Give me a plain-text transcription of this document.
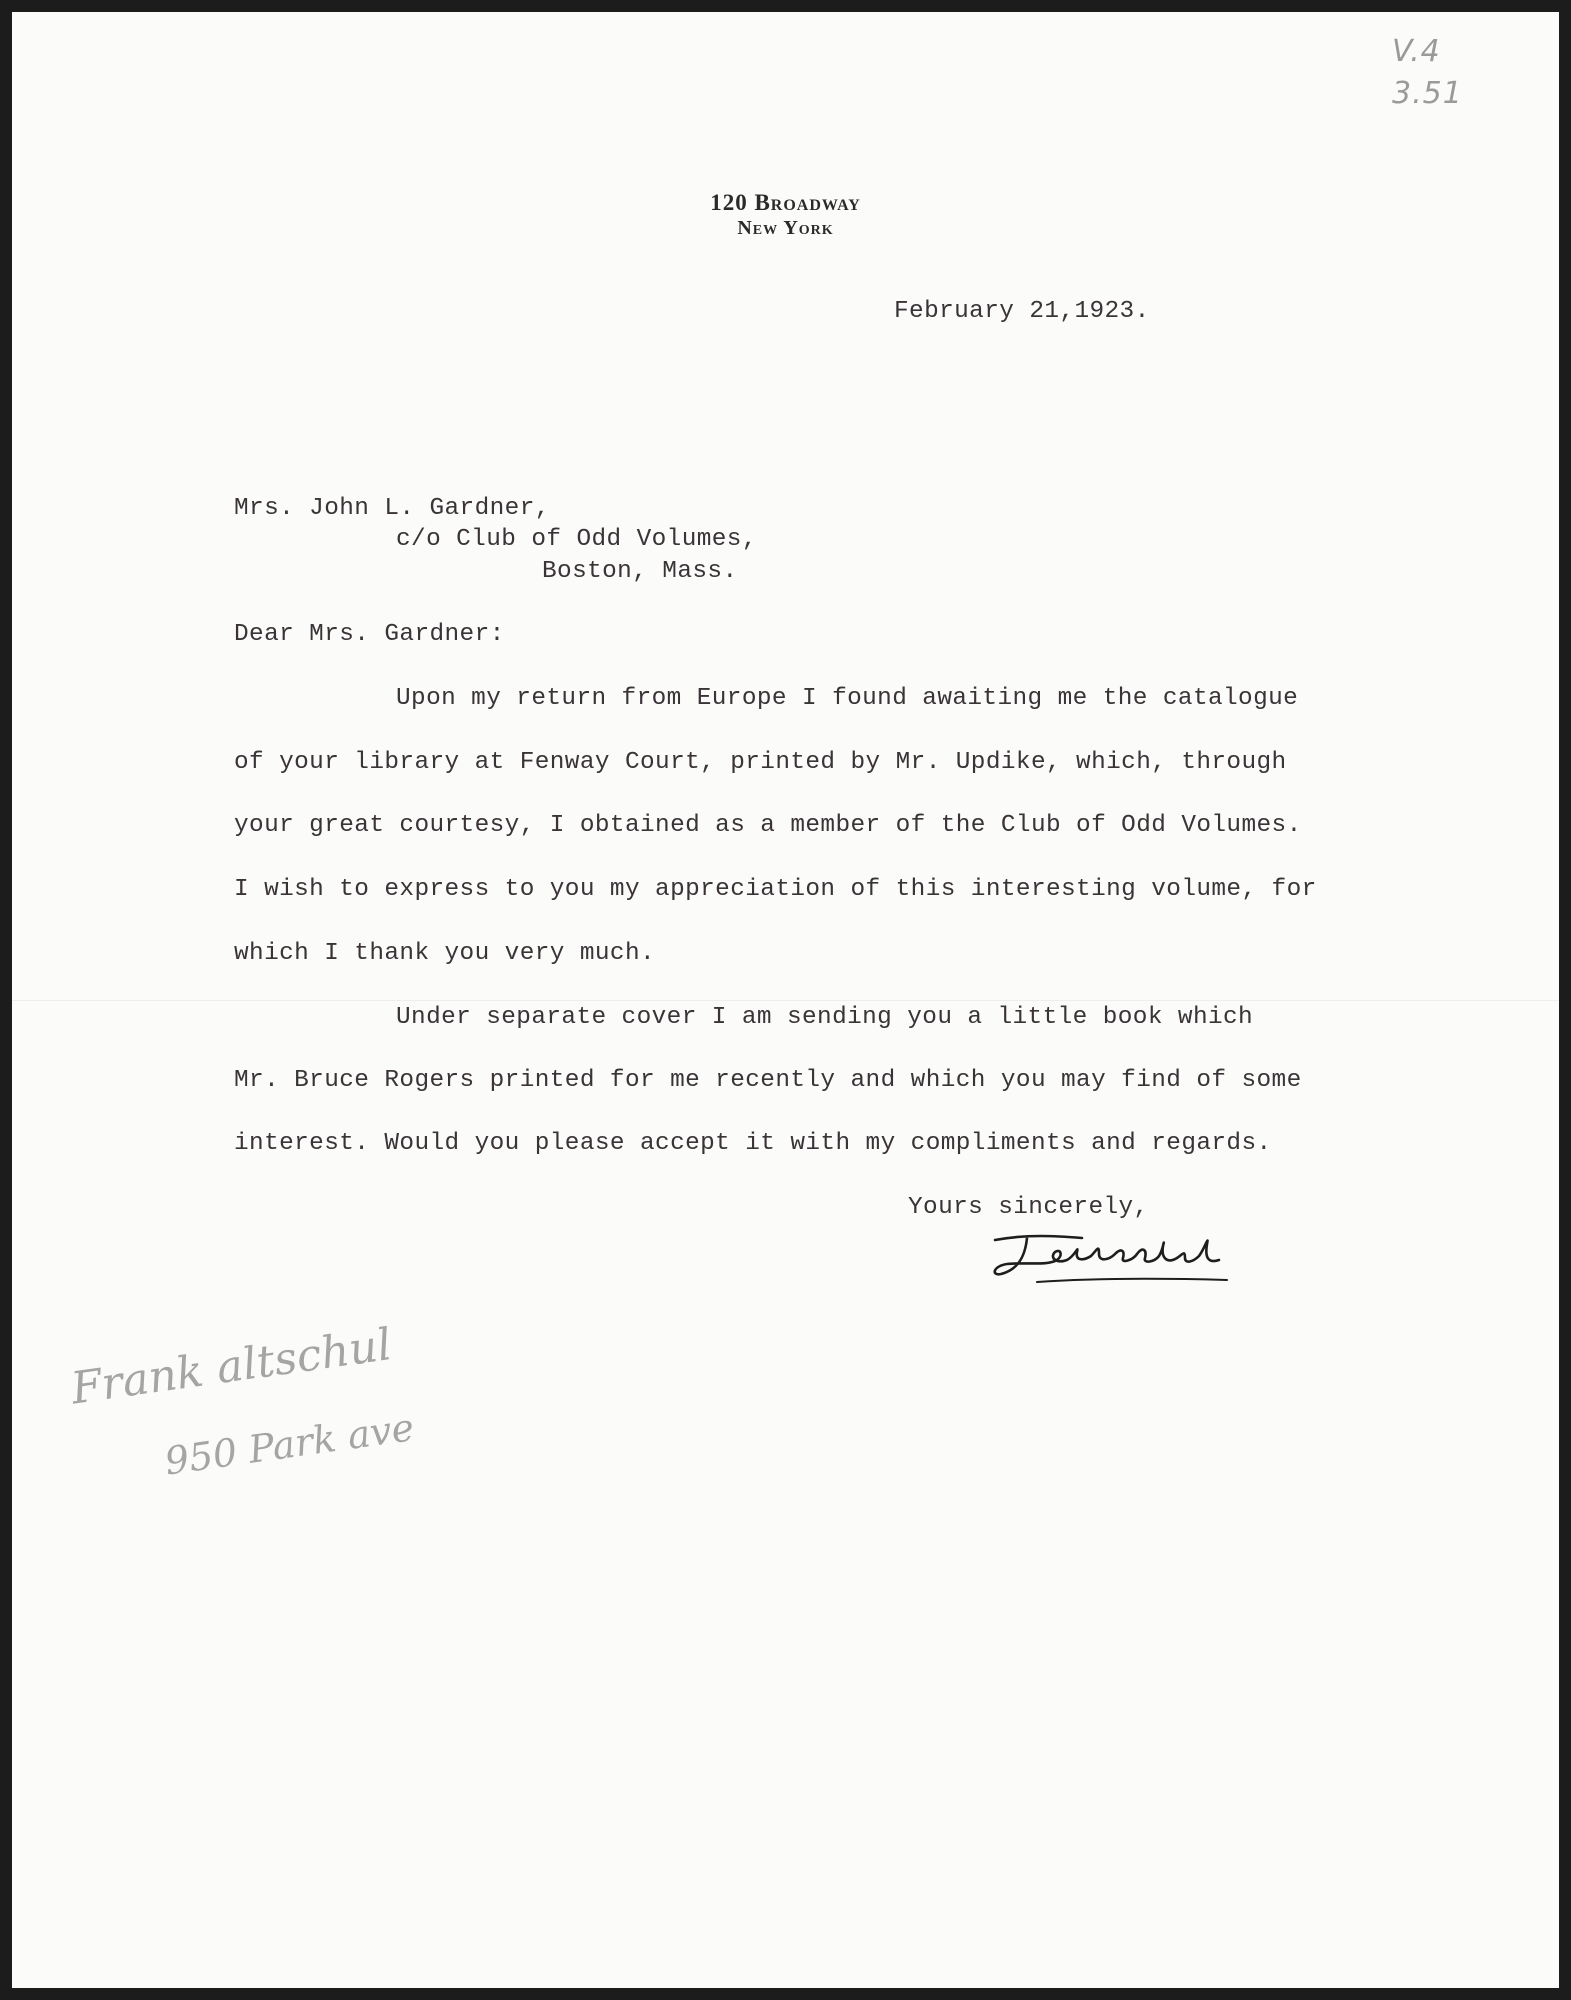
V.4
3.51
120 Broadway
New York
February 21,1923.
Mrs. John L. Gardner,
c/o Club of Odd Volumes,
Boston, Mass.
Dear Mrs. Gardner:
Upon my return from Europe I found awaiting me the catalogue
of your library at Fenway Court, printed by Mr. Updike, which, through
your great courtesy, I obtained as a member of the Club of Odd Volumes.
I wish to express to you my appreciation of this interesting volume, for
which I thank you very much.
Under separate cover I am sending you a little book which
Mr. Bruce Rogers printed for me recently and which you may find of some
interest. Would you please accept it with my compliments and regards.
Yours sincerely,
Frank altschul
950 Park ave
